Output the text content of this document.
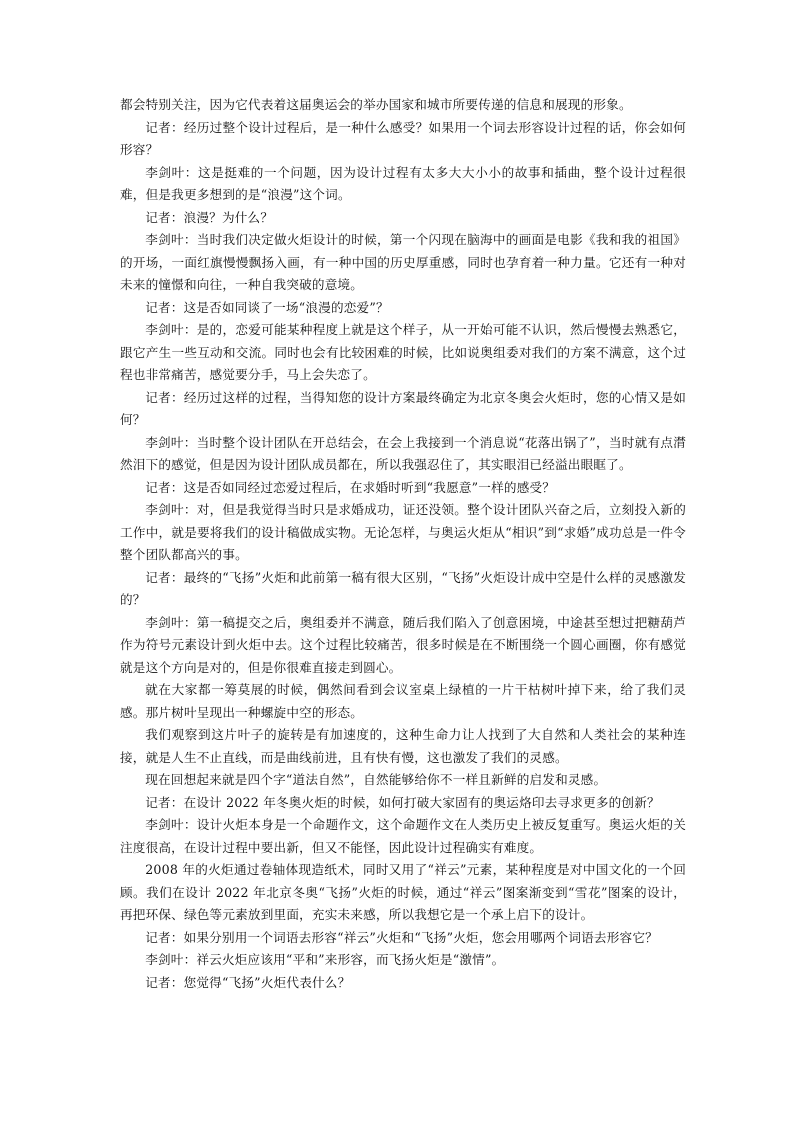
都会特别关注，因为它代表着这届奥运会的举办国家和城市所要传递的信息和展现的形象。

记者：经历过整个设计过程后，是一种什么感受？如果用一个词去形容设计过程的话，你会如何形容？

李剑叶：这是挺难的一个问题，因为设计过程有太多大大小小的故事和插曲，整个设计过程很难，但是我更多想到的是“浪漫”这个词。

记者：浪漫？为什么？

李剑叶：当时我们决定做火炬设计的时候，第一个闪现在脑海中的画面是电影《我和我的祖国》的开场，一面红旗慢慢飘扬入画，有一种中国的历史厚重感，同时也孕育着一种力量。它还有一种对未来的憧憬和向往，一种自我突破的意境。

记者：这是否如同谈了一场“浪漫的恋爱”？

李剑叶：是的，恋爱可能某种程度上就是这个样子，从一开始可能不认识，然后慢慢去熟悉它，跟它产生一些互动和交流。同时也会有比较困难的时候，比如说奥组委对我们的方案不满意，这个过程也非常痛苦，感觉要分手，马上会失恋了。

记者：经历过这样的过程，当得知您的设计方案最终确定为北京冬奥会火炬时，您的心情又是如何？

李剑叶：当时整个设计团队在开总结会，在会上我接到一个消息说“花落出锅了”，当时就有点潸然泪下的感觉，但是因为设计团队成员都在，所以我强忍住了，其实眼泪已经溢出眼眶了。

记者：这是否如同经过恋爱过程后，在求婚时听到“我愿意”一样的感受？

李剑叶：对，但是我觉得当时只是求婚成功，证还没领。整个设计团队兴奋之后，立刻投入新的工作中，就是要将我们的设计稿做成实物。无论怎样，与奥运火炬从“相识”到“求婚”成功总是一件令整个团队都高兴的事。

记者：最终的“飞扬”火炬和此前第一稿有很大区别，“飞扬”火炬设计成中空是什么样的灵感激发的？

李剑叶：第一稿提交之后，奥组委并不满意，随后我们陷入了创意困境，中途甚至想过把糖葫芦作为符号元素设计到火炬中去。这个过程比较痛苦，很多时候是在不断围绕一个圆心画圈，你有感觉就是这个方向是对的，但是你很难直接走到圆心。

就在大家都一筹莫展的时候，偶然间看到会议室桌上绿植的一片干枯树叶掉下来，给了我们灵感。那片树叶呈现出一种螺旋中空的形态。

我们观察到这片叶子的旋转是有加速度的，这种生命力让人找到了大自然和人类社会的某种连接，就是人生不止直线，而是曲线前进，且有快有慢，这也激发了我们的灵感。

现在回想起来就是四个字“道法自然”，自然能够给你不一样且新鲜的启发和灵感。

记者：在设计 2022 年冬奥火炬的时候，如何打破大家固有的奥运烙印去寻求更多的创新？

李剑叶：设计火炬本身是一个命题作文，这个命题作文在人类历史上被反复重写。奥运火炬的关注度很高，在设计过程中要出新，但又不能怪，因此设计过程确实有难度。

2008 年的火炬通过卷轴体现造纸术，同时又用了“祥云”元素，某种程度是对中国文化的一个回顾。我们在设计 2022 年北京冬奥“飞扬”火炬的时候，通过“祥云”图案渐变到“雪花”图案的设计，再把环保、绿色等元素放到里面，充实未来感，所以我想它是一个承上启下的设计。

记者：如果分别用一个词语去形容“祥云”火炬和“飞扬”火炬，您会用哪两个词语去形容它？

李剑叶：祥云火炬应该用“平和”来形容，而飞扬火炬是“激情”。

记者：您觉得“飞扬”火炬代表什么？
